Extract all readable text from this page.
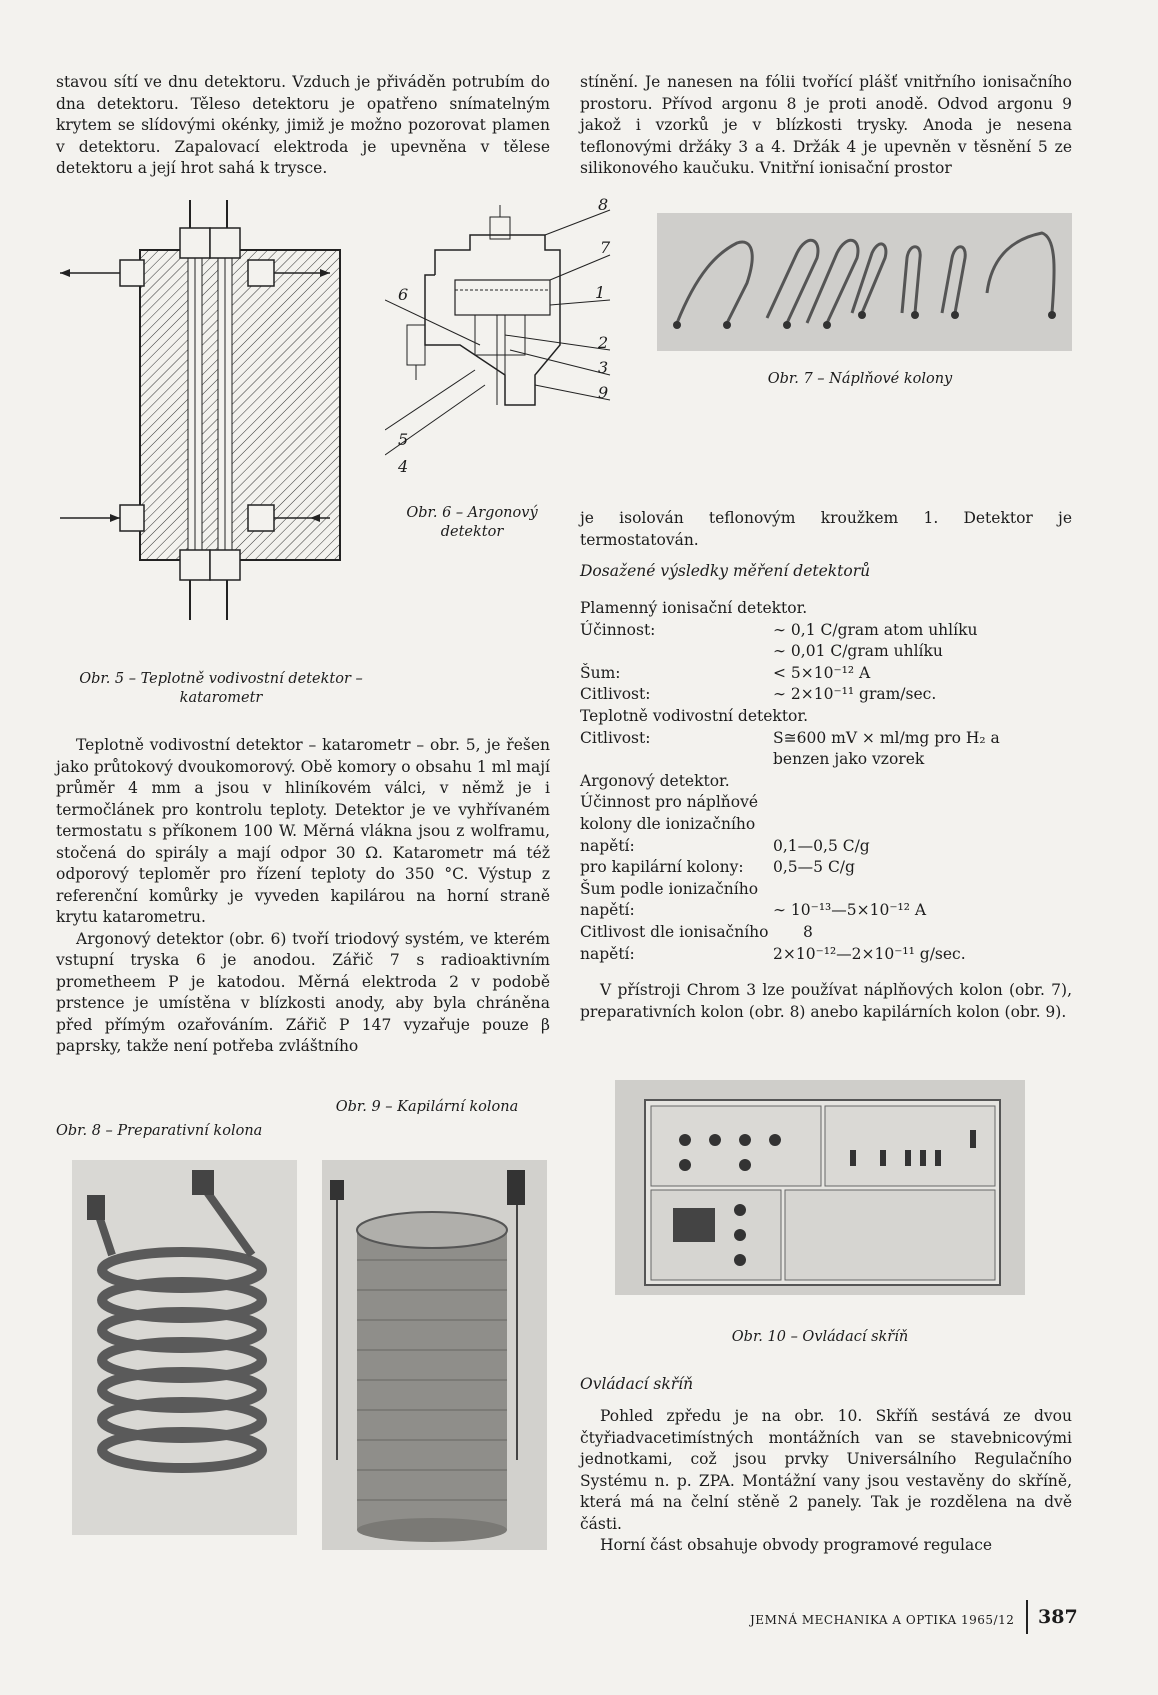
stavou sítí ve dnu detektoru. Vzduch je přiváděn potrubím do dna detektoru. Těleso detektoru je opatřeno snímatelným krytem se slídovými okénky, jimiž je možno pozorovat plamen v detektoru. Zapalovací elektroda je upevněna v tělese detektoru a její hrot sahá k trysce.

stínění. Je nanesen na fólii tvořící plášť vnitřního ionisačního prostoru. Přívod argonu 8 je proti anodě. Odvod argonu 9 jakož i vzorků je v blízkosti trysky. Anoda je nesena teflonovými držáky 3 a 4. Držák 4 je upevněn v těsnění 5 ze silikonového kaučuku. Vnitřní ionisační prostor

Obr. 5 – Teplotně vodivostní detektor – katarometr
8
7
1
6
2
3
9
5
4
Obr. 6 – Argonový detektor
Obr. 7 – Náplňové kolony

je isolován teflonovým kroužkem 1. Detektor je termostatován.

Dosažené výsledky měření detektorů
Plamenný ionisační detektor.
Účinnost:	∼ 0,1 C/gram atom uhlíku
∼ 0,01 C/gram uhlíku
Šum:	< 5×10⁻¹² A
Citlivost:	∼ 2×10⁻¹¹ gram/sec.
Teplotně vodivostní detektor.
Citlivost:	S≅600 mV × ml/mg pro H₂ a
benzen jako vzorek
Argonový detektor.
Účinnost pro náplňové
kolony dle ionizačního
napětí:	0,1—0,5 C/g
pro kapilární kolony: 0,5—5 C/g
Šum podle ionizačního
napětí:	∼ 10⁻¹³—5×10⁻¹² A
Citlivost dle ionisačního 8
napětí:	2×10⁻¹²—2×10⁻¹¹ g/sec.

V přístroji Chrom 3 lze používat náplňových kolon (obr. 7), preparativních kolon (obr. 8) anebo kapilárních kolon (obr. 9).

Teplotně vodivostní detektor – katarometr – obr. 5, je řešen jako průtokový dvoukomorový. Obě komory o obsahu 1 ml mají průměr 4 mm a jsou v hliníkovém válci, v němž je i termočlánek pro kontrolu teploty. Detektor je ve vyhřívaném termostatu s příkonem 100 W. Měrná vlákna jsou z wolframu, stočená do spirály a mají odpor 30 Ω. Katarometr má též odporový teploměr pro řízení teploty do 350 °C. Výstup z referenční komůrky je vyveden kapilárou na horní straně krytu katarometru.

Argonový detektor (obr. 6) tvoří triodový systém, ve kterém vstupní tryska 6 je anodou. Zářič 7 s radioaktivním prometheem P je katodou. Měrná elektroda 2 v podobě prstence je umístěna v blízkosti anody, aby byla chráněna před přímým ozařováním. Zářič P 147 vyzařuje pouze β paprsky, takže není potřeba zvláštního

Obr. 9 – Kapilární kolona
Obr. 8 – Preparativní kolona
Obr. 10 – Ovládací skříň
Ovládací skříň

Pohled zpředu je na obr. 10. Skříň sestává ze dvou čtyřiadvacetimístných montážních van se stavebnicovými jednotkami, což jsou prvky Universálního Regulačního Systému n. p. ZPA. Montážní vany jsou vestavěny do skříně, která má na čelní stěně 2 panely. Tak je rozdělena na dvě části.

Horní část obsahuje obvody programové regulace

JEMNÁ MECHANIKA A OPTIKA 1965/12 387
